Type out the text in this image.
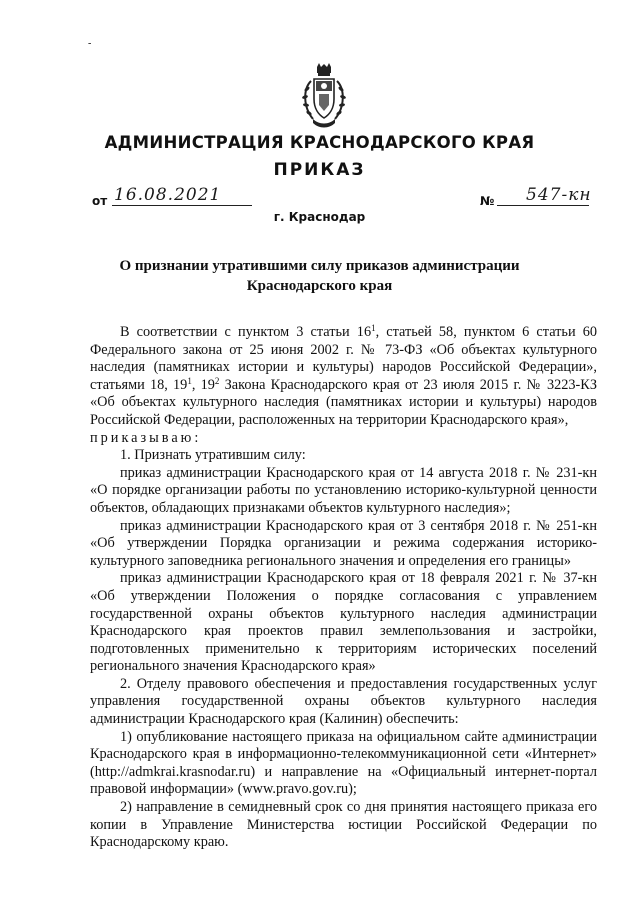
-
АДМИНИСТРАЦИЯ КРАСНОДАРСКОГО КРАЯ
ПРИКАЗ
от 16.08.2021	№ 547-кн
г. Краснодар
О признании утратившими силу приказов администрации
Краснодарского края

В соответствии с пунктом 3 статьи $16^1$, статьей 58, пунктом 6 статьи 60 Федерального закона от 25 июня 2002 г. № 73-ФЗ «Об объектах культурного наследия (памятниках истории и культуры) народов Российской Федерации», статьями 18, $19^1$, $19^2$ Закона Краснодарского края от 23 июля 2015 г. № 3223-КЗ «Об объектах культурного наследия (памятниках истории и культуры) народов Российской Федерации, расположенных на территории Краснодарского края»,
приказываю:

1. Признать утратившим силу:

приказ администрации Краснодарского края от 14 августа 2018 г. № 231-кн «О порядке организации работы по установлению историко-культурной ценности объектов, обладающих признаками объектов культурного наследия»;

приказ администрации Краснодарского края от 3 сентября 2018 г. № 251-кн «Об утверждении Порядка организации и режима содержания историко-культурного заповедника регионального значения и определения его границы»

приказ администрации Краснодарского края от 18 февраля 2021 г. № 37-кн «Об утверждении Положения о порядке согласования с управлением государственной охраны объектов культурного наследия администрации Краснодарского края проектов правил землепользования и застройки, подготовленных применительно к территориям исторических поселений регионального значения Краснодарского края»

2. Отделу правового обеспечения и предоставления государственных услуг управления государственной охраны объектов культурного наследия администрации Краснодарского края (Калинин) обеспечить:

1) опубликование настоящего приказа на официальном сайте администрации Краснодарского края в информационно-телекоммуникационной сети «Интернет» (http://admkrai.krasnodar.ru) и направление на «Официальный интернет-портал правовой информации» (www.pravo.gov.ru);

2) направление в семидневный срок со дня принятия настоящего приказа его копии в Управление Министерства юстиции Российской Федерации по Краснодарскому краю.
